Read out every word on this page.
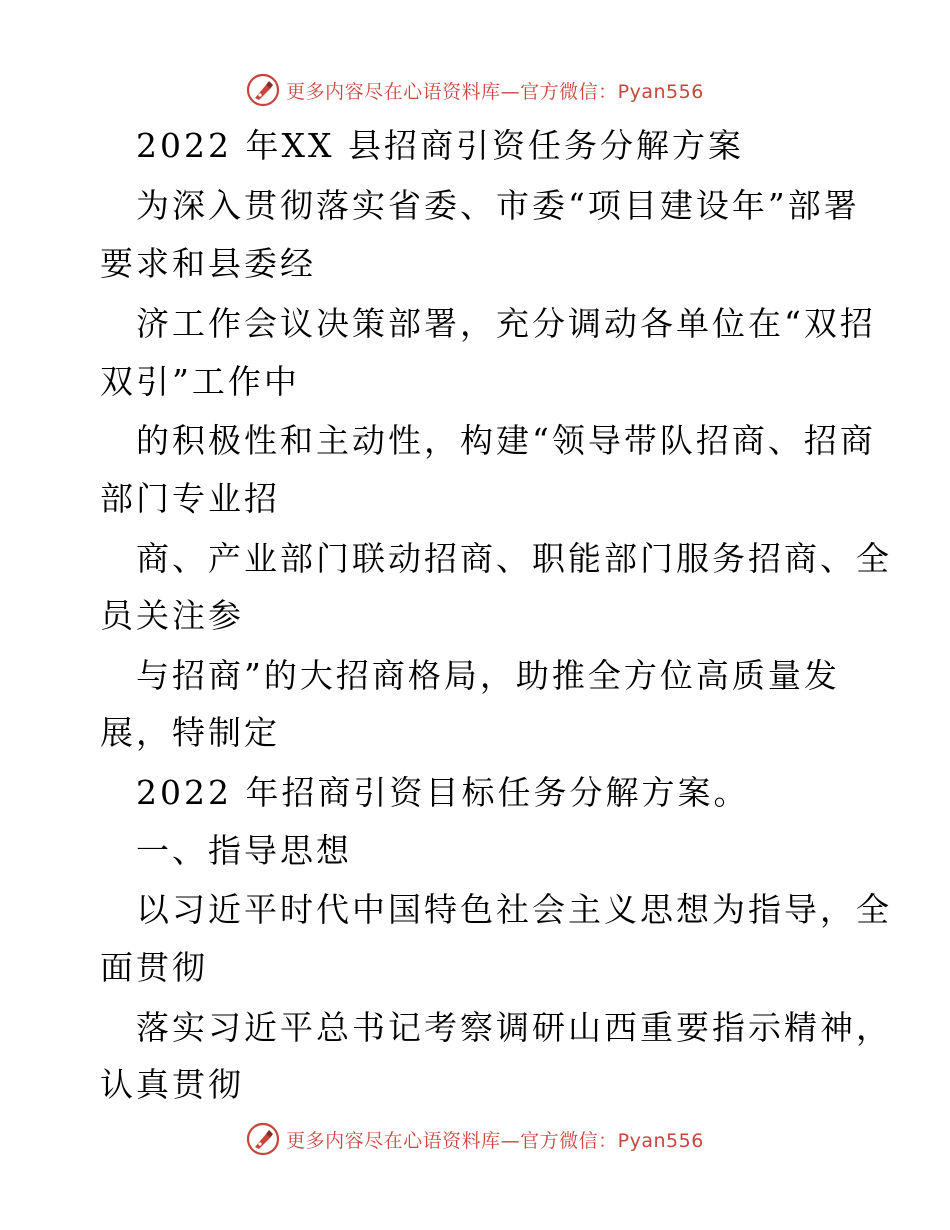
更多内容尽在心语资料库—官方微信：Pyan556
2022 年XX 县招商引资任务分解方案
为深入贯彻落实省委、市委“项目建设年”部署
要求和县委经
济工作会议决策部署，充分调动各单位在“双招
双引”工作中
的积极性和主动性，构建“领导带队招商、招商
部门专业招
商、产业部门联动招商、职能部门服务招商、全
员关注参
与招商”的大招商格局，助推全方位高质量发
展，特制定
2022 年招商引资目标任务分解方案。
一、指导思想
以习近平时代中国特色社会主义思想为指导，全
面贯彻
落实习近平总书记考察调研山西重要指示精神，
认真贯彻
更多内容尽在心语资料库—官方微信：Pyan556
